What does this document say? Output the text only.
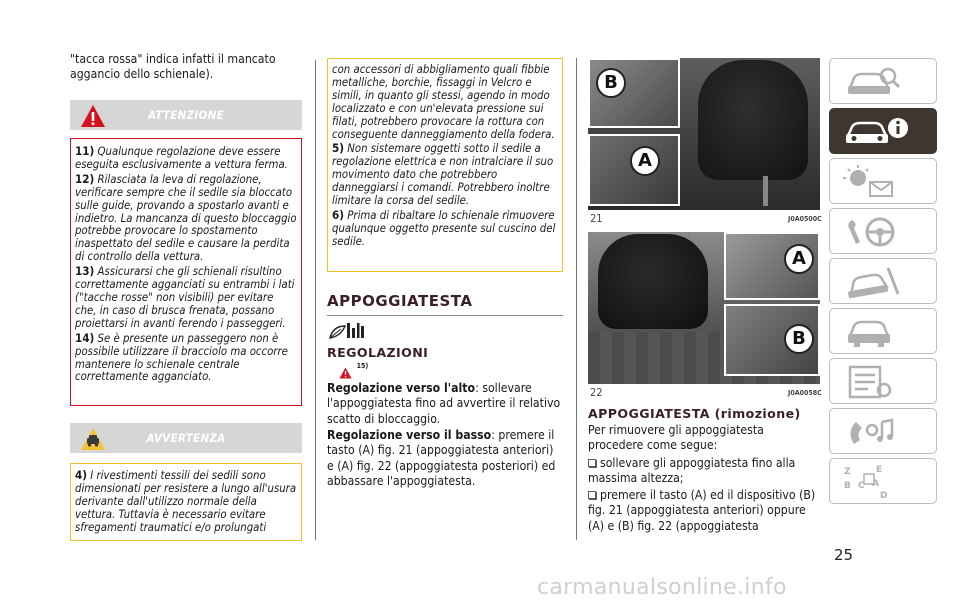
"tacca rossa" indica infatti il mancato aggancio dello schienale).

ATTENZIONE
11) Qualunque regolazione deve essere eseguita esclusivamente a vettura ferma.
12) Rilasciata la leva di regolazione, verificare sempre che il sedile sia bloccato sulle guide, provando a spostarlo avanti e indietro. La mancanza di questo bloccaggio potrebbe provocare lo spostamento inaspettato del sedile e causare la perdita di controllo della vettura.
13) Assicurarsi che gli schienali risultino correttamente agganciati su entrambi i lati ("tacche rosse" non visibili) per evitare che, in caso di brusca frenata, possano proiettarsi in avanti ferendo i passeggeri.
14) Se è presente un passeggero non è possibile utilizzare il bracciolo ma occorre mantenere lo schienale centrale correttamente agganciato.
AVVERTENZA
4) I rivestimenti tessili dei sedili sono dimensionati per resistere a lungo all'usura derivante dall'utilizzo normale della vettura. Tuttavia è necessario evitare sfregamenti traumatici e/o prolungati
con accessori di abbigliamento quali fibbie metalliche, borchie, fissaggi in Velcro e simili, in quanto gli stessi, agendo in modo localizzato e con un'elevata pressione sui filati, potrebbero provocare la rottura con conseguente danneggiamento della fodera.
5) Non sistemare oggetti sotto il sedile a regolazione elettrica e non intralciare il suo movimento dato che potrebbero danneggiarsi i comandi. Potrebbero inoltre limitare la corsa del sedile.
6) Prima di ribaltare lo schienale rimuovere qualunque oggetto presente sul cuscino del sedile.
APPOGGIATESTA
REGOLAZIONI
$^{15)}$

Regolazione verso l'alto: sollevare l'appoggiatesta fino ad avvertire il relativo scatto di bloccaggio.

Regolazione verso il basso: premere il tasto (A) fig. 21 (appoggiatesta anteriori) e (A) fig. 22 (appoggiatesta posteriori) ed abbassare l'appoggiatesta.

B
A
21	J0A0500C
A
B
22	J0A0058C
APPOGGIATESTA (rimozione)

Per rimuovere gli appoggiatesta procedere come segue:

sollevare gli appoggiatesta fino alla massima altezza;

premere il tasto (A) ed il dispositivo (B) fig. 21 (appoggiatesta anteriori) oppure (A) e (B) fig. 22 (appoggiatesta

Z	E
B C A
D
25
carmanualsonline.info
